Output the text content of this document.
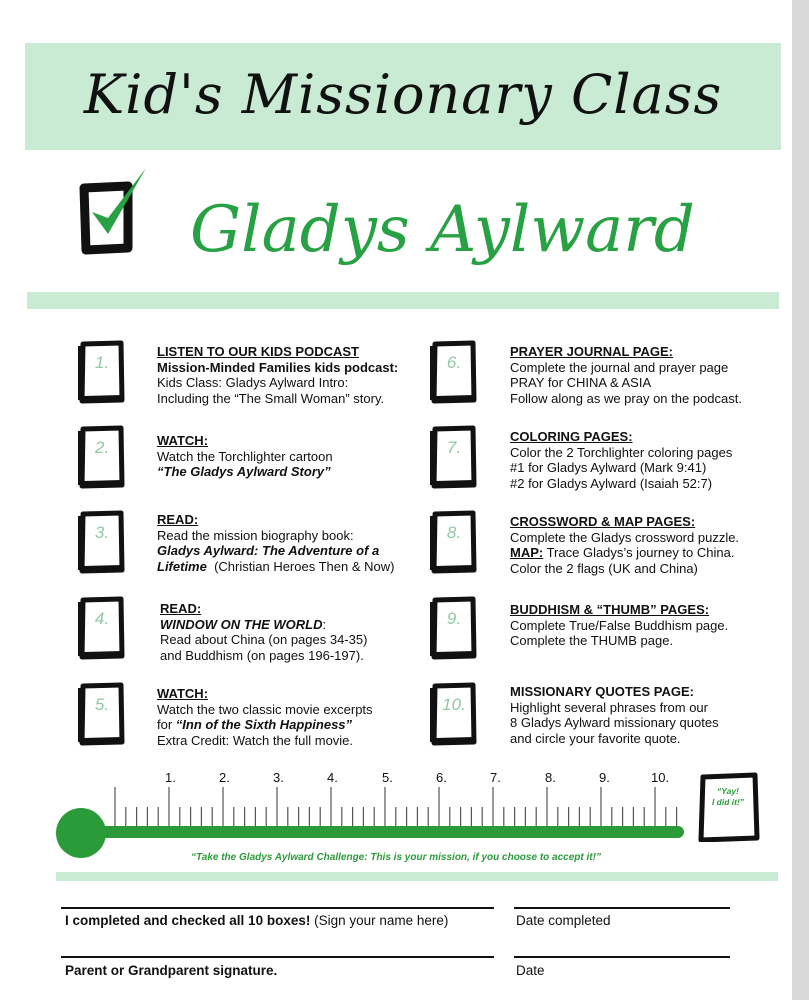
Kid's Missionary Class
Gladys Aylward
1.
2.
3.
4.
5.
6.
7.
8.
9.
10.
LISTEN TO OUR KIDS PODCAST
Mission-Minded Families kids podcast:
Kids Class: Gladys Aylward Intro:
Including the “The Small Woman” story.
WATCH:
Watch the Torchlighter cartoon
“The Gladys Aylward Story”
READ:
Read the mission biography book:
Gladys Aylward: The Adventure of a
Lifetime (Christian Heroes Then & Now)
READ:
WINDOW ON THE WORLD:
Read about China (on pages 34-35)
and Buddhism (on pages 196-197).
WATCH:
Watch the two classic movie excerpts
for “Inn of the Sixth Happiness”
Extra Credit: Watch the full movie.
PRAYER JOURNAL PAGE:
Complete the journal and prayer page
PRAY for CHINA & ASIA
Follow along as we pray on the podcast.
COLORING PAGES:
Color the 2 Torchlighter coloring pages
#1 for Gladys Aylward (Mark 9:41)
#2 for Gladys Aylward (Isaiah 52:7)
CROSSWORD & MAP PAGES:
Complete the Gladys crossword puzzle.
MAP: Trace Gladys’s journey to China.
Color the 2 flags (UK and China)
BUDDHISM & “THUMB” PAGES:
Complete True/False Buddhism page.
Complete the THUMB page.
MISSIONARY QUOTES PAGE:
Highlight several phrases from our
8 Gladys Aylward missionary quotes
and circle your favorite quote.
1.	2.	3.	4.	5.	6.	7.	8.	9.	10.
“Yay!
I did it!”
“Take the Gladys Aylward Challenge: This is your mission, if you choose to accept it!”
I completed and checked all 10 boxes! (Sign your name here)	Date completed
Parent or Grandparent signature.	Date
